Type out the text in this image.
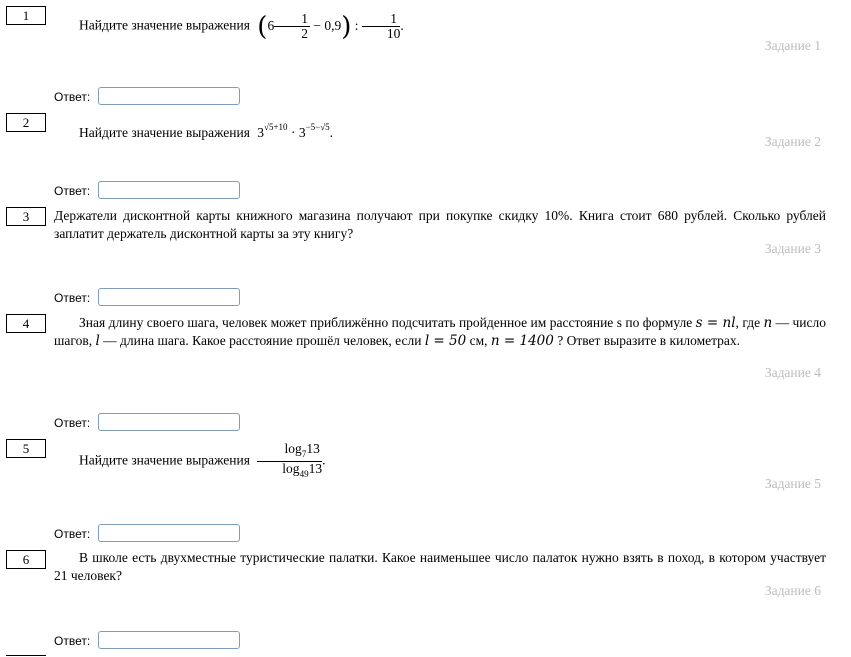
1
Найдите значение выражения $(6 \frac{1}{2} - 0,9)$ : $\frac{1}{10}$ .
Задание 1
Ответ:
2
Найдите значение выражения $3^{√5+10} \cdot 3^{-5-√5}$.
Задание 2
Ответ:
3	Держатели дисконтной карты книжного магазина получают при покупке скидку 10%. Книга стоит 680 рублей. Сколько рублей заплатит держатель дисконтной карты за эту книгу?
Задание 3
Ответ:
4	Зная длину своего шага, человек может приближённо подсчитать пройденное им расстояние s по формуле s = nl, где n — число шагов, l — длина шага. Какое расстояние прошёл человек, если l = 50 см, n = 1400 ? Ответ выразите в километрах.
Задание 4
Ответ:
5
Найдите значение выражения $\frac{\log_713}{\log_{49}13}$ .
Задание 5
Ответ:
6	В школе есть двухместные туристические палатки. Какое наименьшее число палаток нужно взять в поход, в котором участвует 21 человек?
Задание 6
Ответ:
